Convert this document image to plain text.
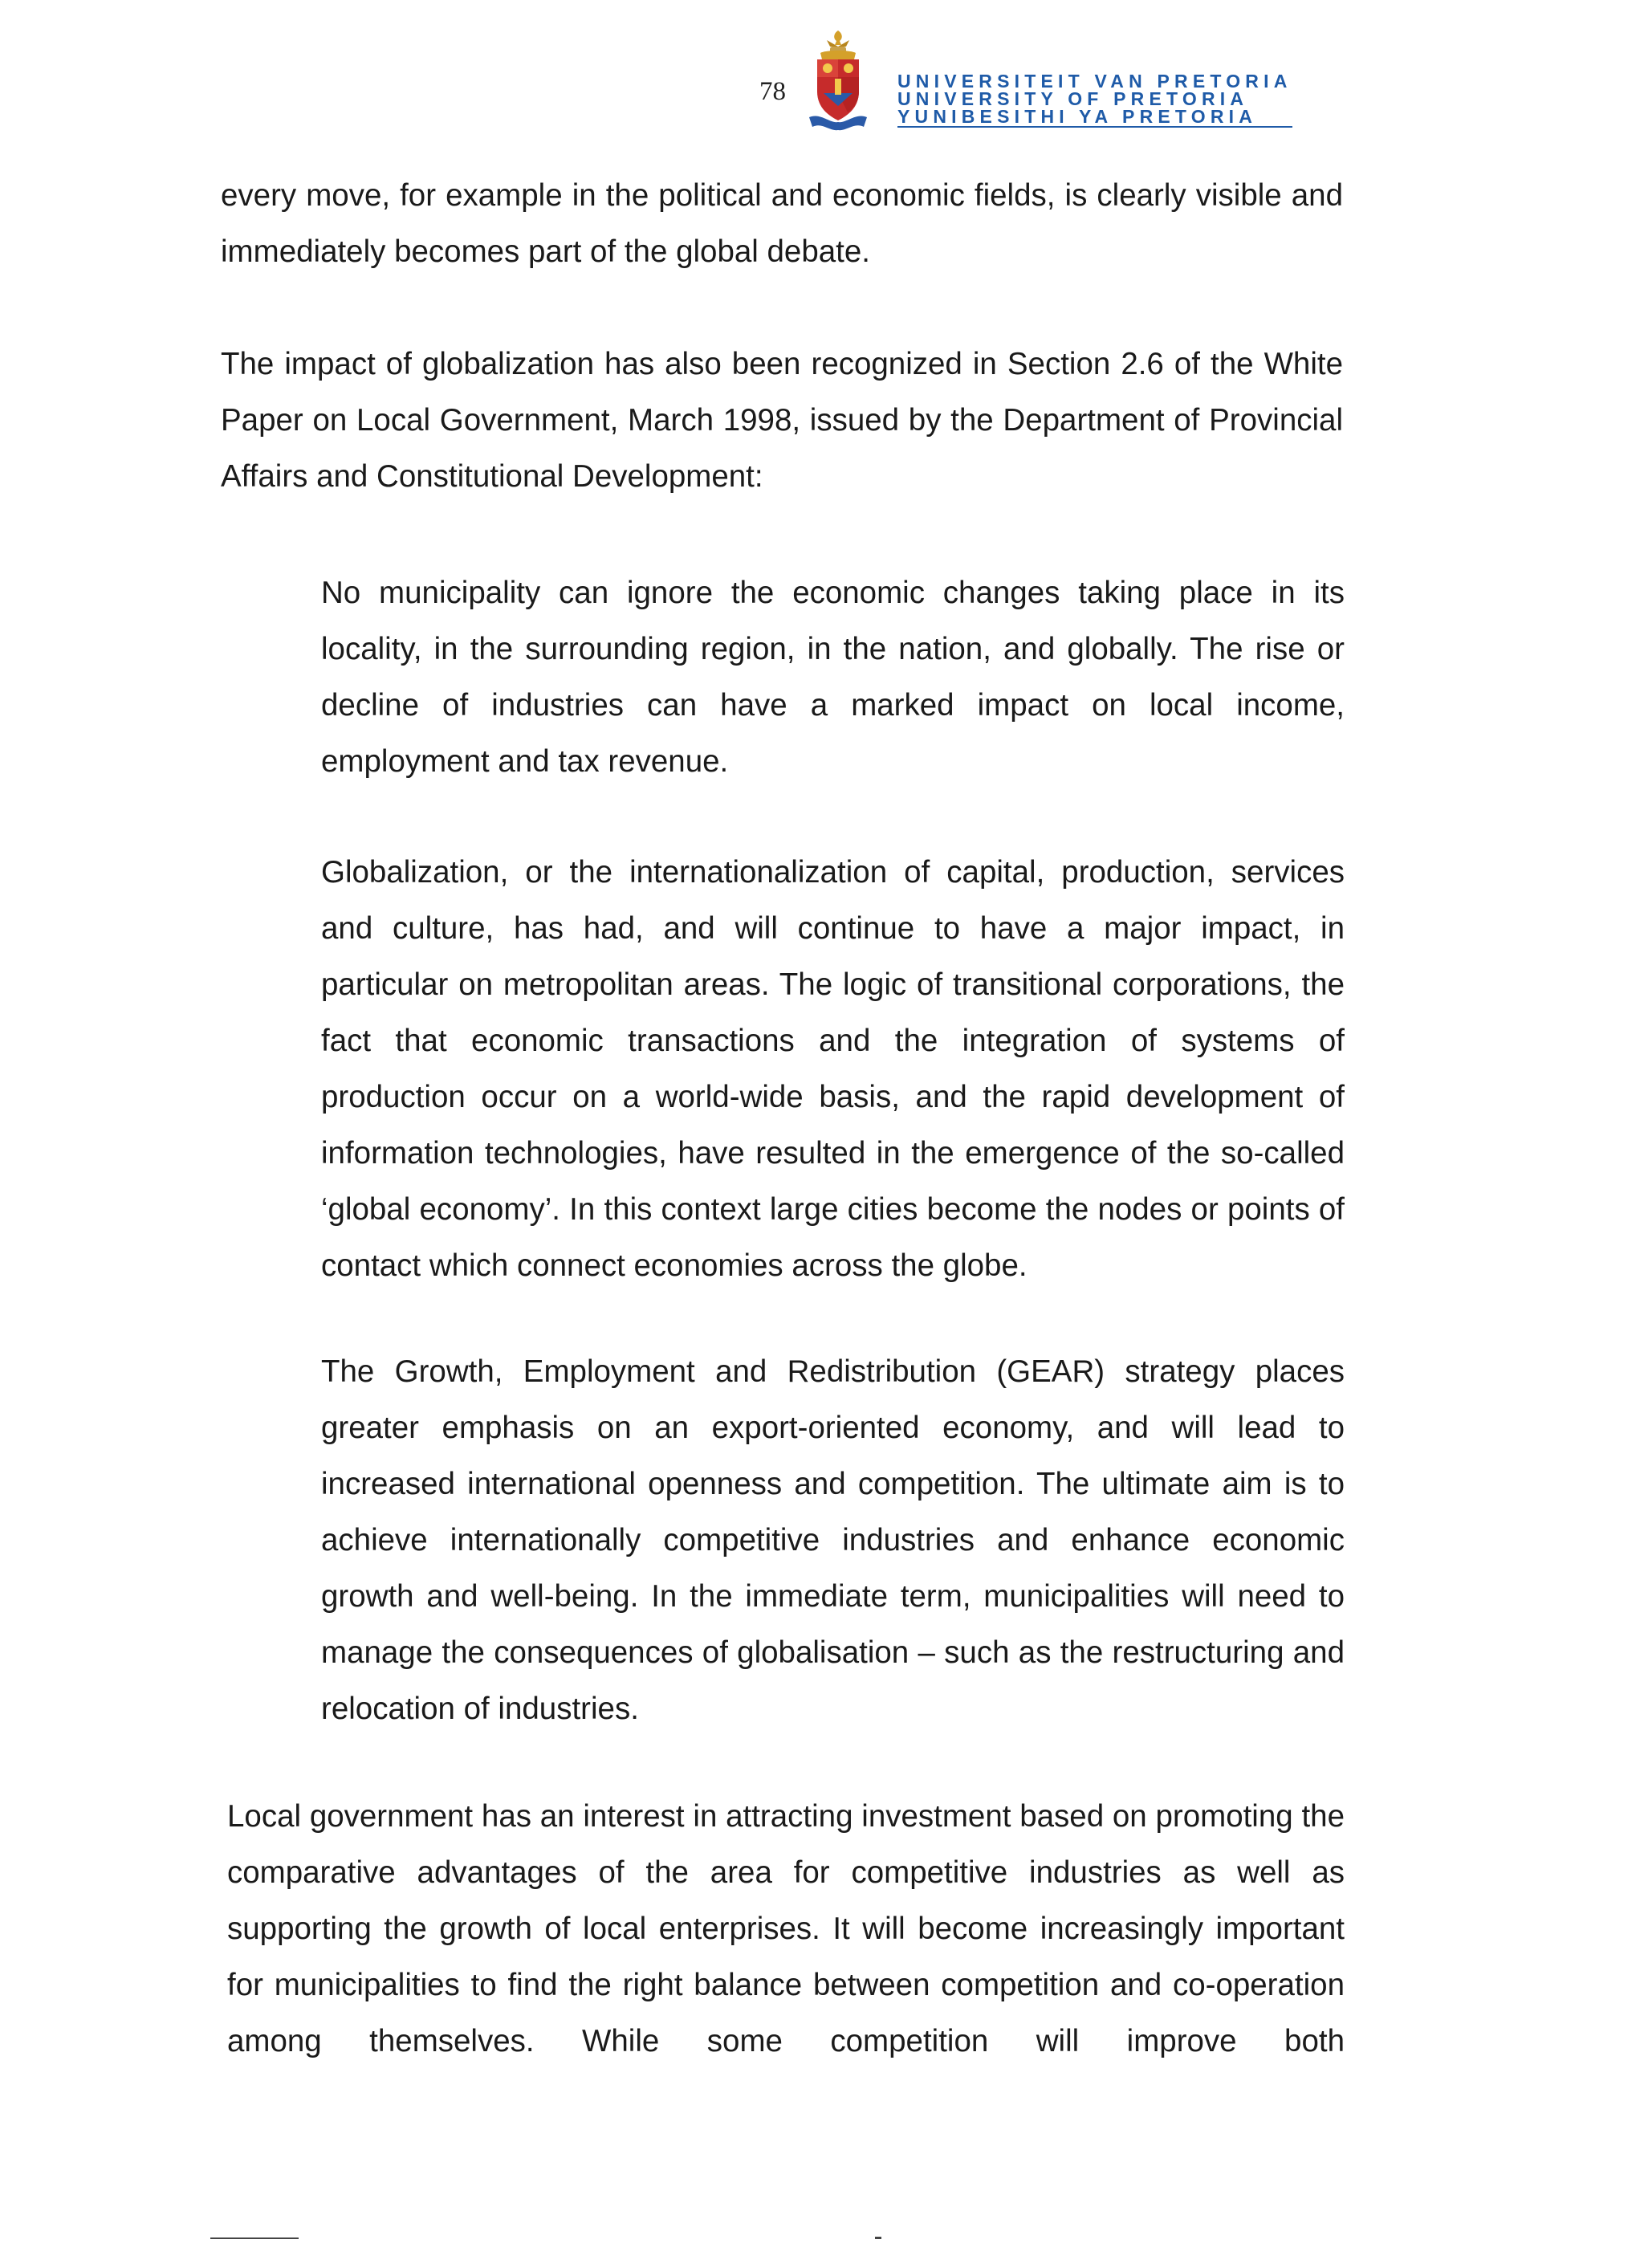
78	UNIVERSITEIT VAN PRETORIA
UNIVERSITY OF PRETORIA
YUNIBESITHI YA PRETORIA

every move, for example in the political and economic fields, is clearly visible and immediately becomes part of the global debate.

The impact of globalization has also been recognized in Section 2.6 of the White Paper on Local Government, March 1998, issued by the Department of Provincial Affairs and Constitutional Development:

No municipality can ignore the economic changes taking place in its locality, in the surrounding region, in the nation, and globally. The rise or decline of industries can have a marked impact on local income, employment and tax revenue.

Globalization, or the internationalization of capital, production, services and culture, has had, and will continue to have a major impact, in particular on metropolitan areas. The logic of transitional corporations, the fact that economic transactions and the integration of systems of production occur on a world-wide basis, and the rapid development of information technologies, have resulted in the emergence of the so-called ‘global economy’. In this context large cities become the nodes or points of contact which connect economies across the globe.

The Growth, Employment and Redistribution (GEAR) strategy places greater emphasis on an export-oriented economy, and will lead to increased international openness and competition. The ultimate aim is to achieve internationally competitive industries and enhance economic growth and well-being. In the immediate term, municipalities will need to manage the consequences of globalisation – such as the restructuring and relocation of industries.

Local government has an interest in attracting investment based on promoting the comparative advantages of the area for competitive industries as well as supporting the growth of local enterprises. It will become increasingly important for municipalities to find the right balance between competition and co-operation among themselves. While some competition will improve both
